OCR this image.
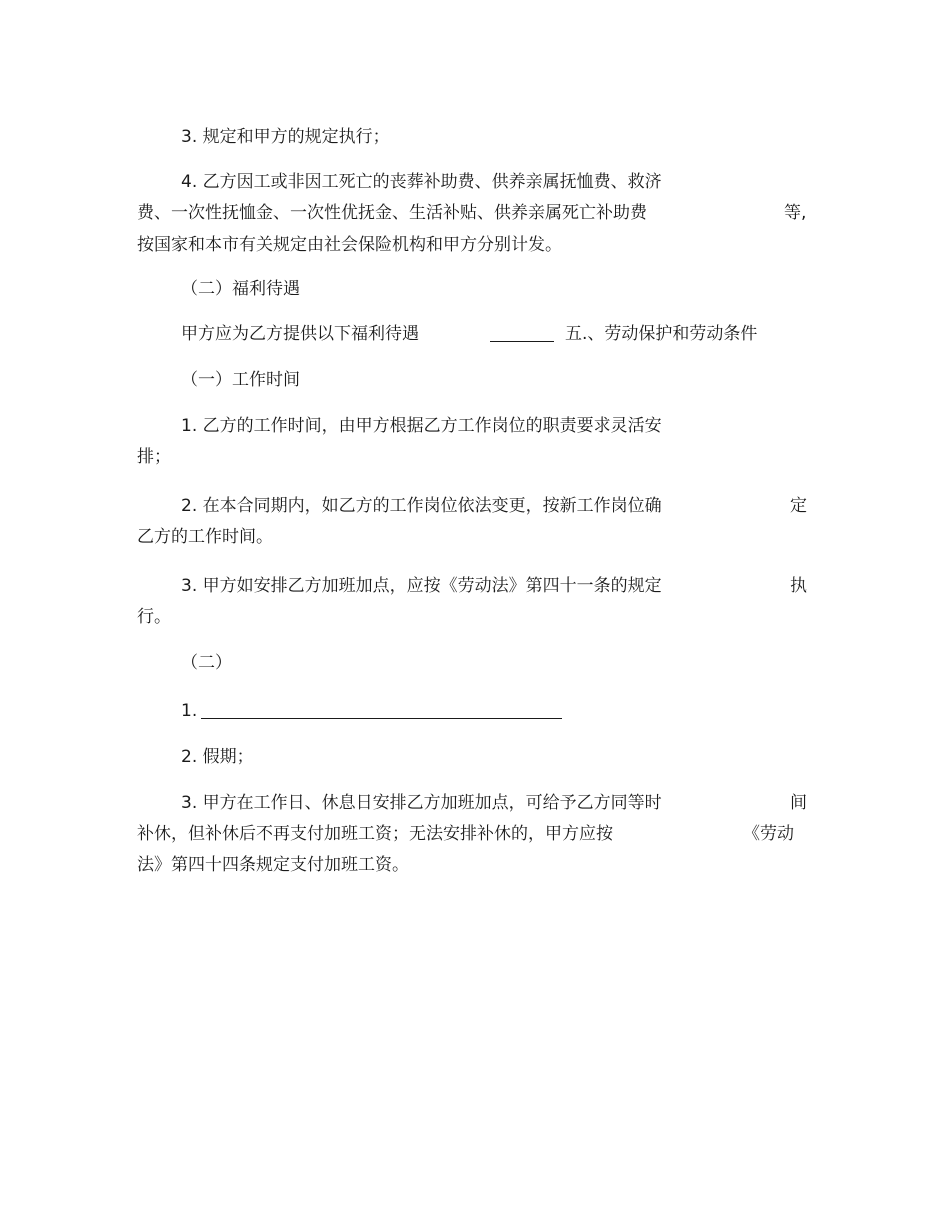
3. 规定和甲方的规定执行；

4. 乙方因工或非因工死亡的丧葬补助费、供养亲属抚恤费、救济

费、一次性抚恤金、一次性优抚金、生活补贴、供养亲属死亡补助费	等,

按国家和本市有关规定由社会保险机构和甲方分别计发。

（二）福利待遇

甲方应为乙方提供以下福利待遇	五.、劳动保护和劳动条件

（一）工作时间

1. 乙方的工作时间，由甲方根据乙方工作岗位的职责要求灵活安

排；

2. 在本合同期内，如乙方的工作岗位依法变更，按新工作岗位确	定

乙方的工作时间。

3. 甲方如安排乙方加班加点，应按《劳动法》第四十一条的规定	执

行。

（二）

1.

2. 假期；

3. 甲方在工作日、休息日安排乙方加班加点，可给予乙方同等时	间

补休，但补休后不再支付加班工资；无法安排补休的，甲方应按	《劳动

法》第四十四条规定支付加班工资。
